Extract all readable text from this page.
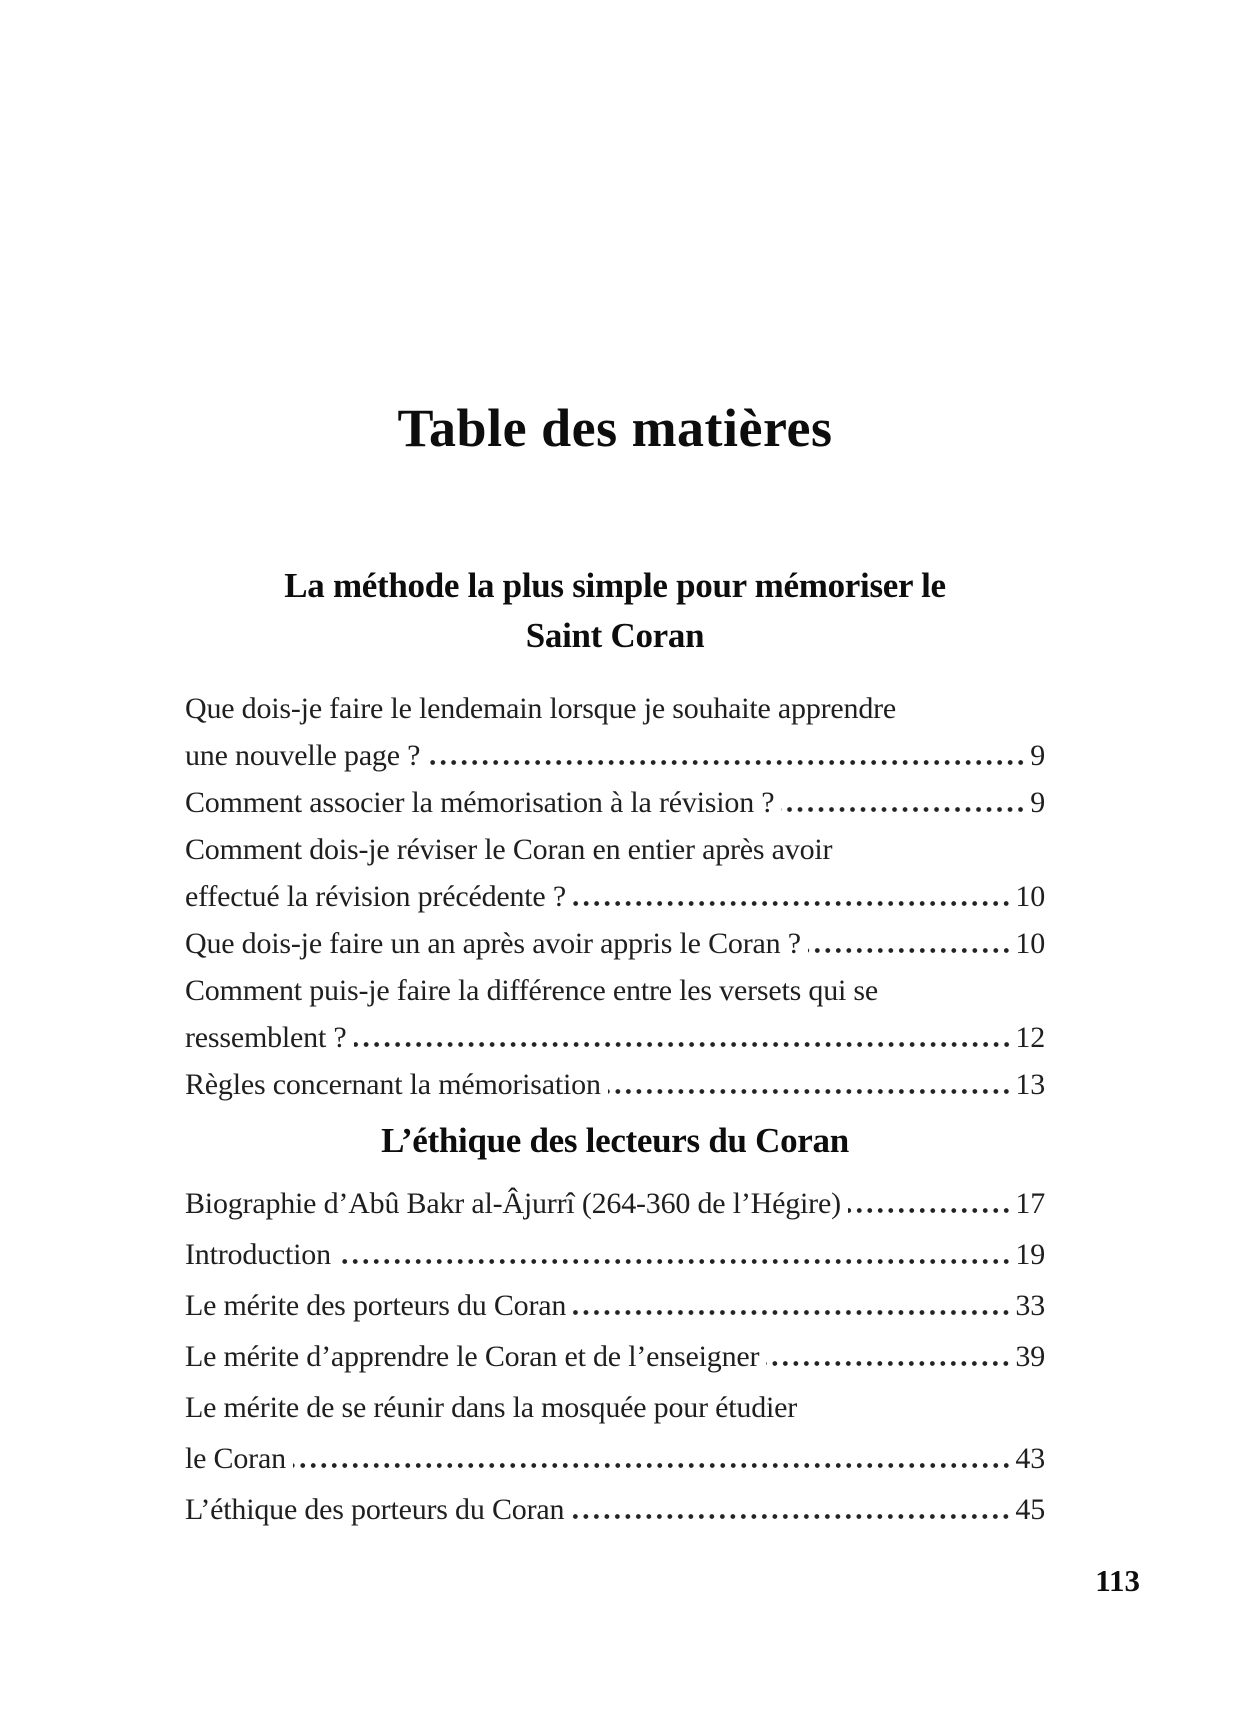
Table des matières
La méthode la plus simple pour mémoriser le
Saint Coran
Que dois-je faire le lendemain lorsque je souhaite apprendre
une nouvelle page ?	9
Comment associer la mémorisation à la révision ?	9
Comment dois-je réviser le Coran en entier après avoir
effectué la révision précédente ?	10
Que dois-je faire un an après avoir appris le Coran ?	10
Comment puis-je faire la différence entre les versets qui se
ressemblent ?	12
Règles concernant la mémorisation	13
L’éthique des lecteurs du Coran
Biographie d’Abû Bakr al-Âjurrî (264-360 de l’Hégire)	17
Introduction	19
Le mérite des porteurs du Coran	33
Le mérite d’apprendre le Coran et de l’enseigner	39
Le mérite de se réunir dans la mosquée pour étudier
le Coran	43
L’éthique des porteurs du Coran	45
113
